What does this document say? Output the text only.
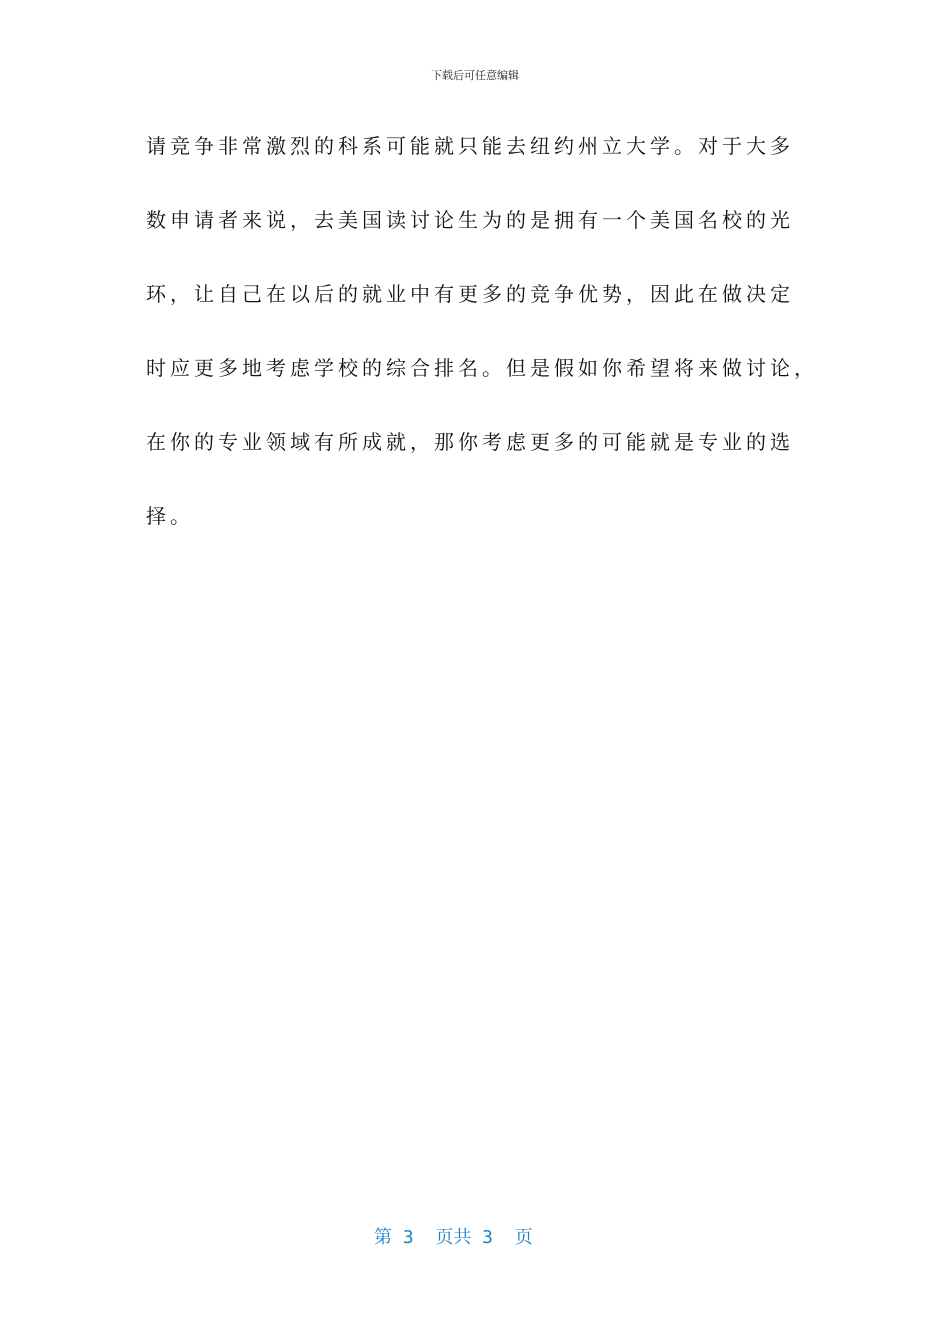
下载后可任意编辑
请竞争非常激烈的科系可能就只能去纽约州立大学。对于大多
数申请者来说，去美国读讨论生为的是拥有一个美国名校的光
环，让自己在以后的就业中有更多的竞争优势，因此在做决定
时应更多地考虑学校的综合排名。但是假如你希望将来做讨论，
在你的专业领域有所成就，那你考虑更多的可能就是专业的选
择。
第 3  页共 3  页
